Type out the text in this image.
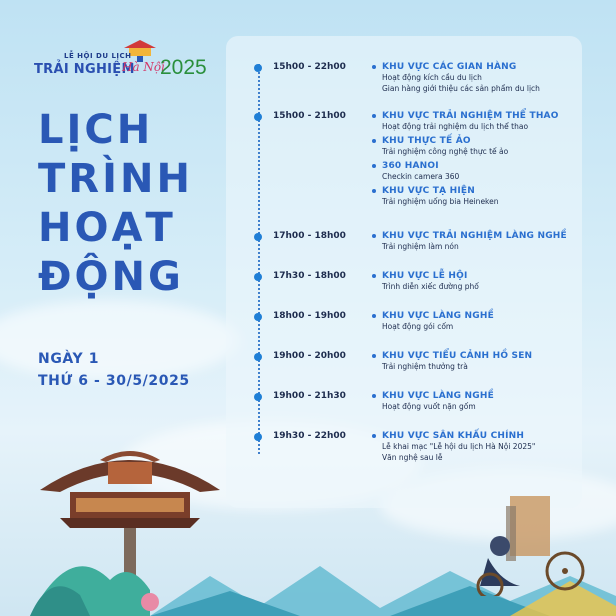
LỄ HỘI DU LỊCH
TRẢI NGHIỆM
Hà Nội
2025
LỊCH
TRÌNH
HOẠT
ĐỘNG
NGÀY 1
THỨ 6 - 30/5/2025
15h00 - 22h00	KHU VỰC CÁC GIAN HÀNG
Hoạt động kích cầu du lịch
Gian hàng giới thiệu các sản phẩm du lịch
15h00 - 21h00	KHU VỰC TRẢI NGHIỆM THỂ THAO
Hoạt động trải nghiệm du lịch thể thao
KHU THỰC TẾ ẢO
Trải nghiệm công nghệ thực tế ảo
360 HANOI
Checkin camera 360
KHU VỰC TẠ HIỆN
Trải nghiệm uống bia Heineken
17h00 - 18h00	KHU VỰC TRẢI NGHIỆM LÀNG NGHỀ
Trải nghiệm làm nón
17h30 - 18h00	KHU VỰC LỄ HỘI
Trình diễn xiếc đường phố
18h00 - 19h00	KHU VỰC LÀNG NGHỀ
Hoạt động gói cốm
19h00 - 20h00	KHU VỰC TIỂU CẢNH HỒ SEN
Trải nghiệm thưởng trà
19h00 - 21h30	KHU VỰC LÀNG NGHỀ
Hoạt động vuốt nặn gốm
19h30 - 22h00	KHU VỰC SÂN KHẤU CHÍNH
Lễ khai mạc "Lễ hội du lịch Hà Nội 2025"
Văn nghệ sau lễ
